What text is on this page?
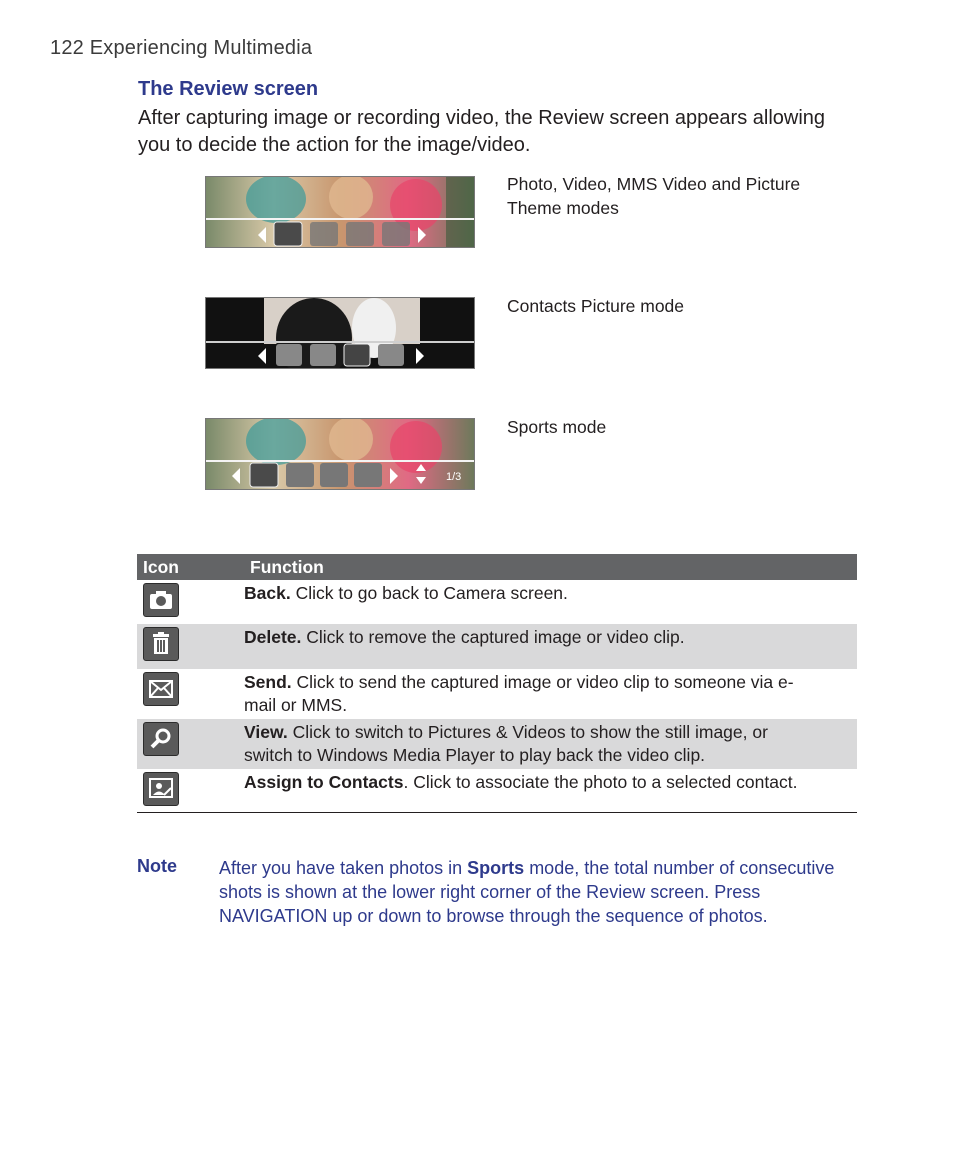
122 Experiencing Multimedia
The Review screen
After capturing image or recording video, the Review screen appears allowing you to decide the action for the image/video.
Photo, Video, MMS Video and Picture Theme modes
Contacts Picture mode
1/3
Sports mode
Icon	Function

	Back. Click to go back to Camera screen.

	Delete. Click to remove the captured image or video clip.

	Send. Click to send the captured image or video clip to someone via e-mail or MMS.

	View. Click to switch to Pictures & Videos to show the still image, or switch to Windows Media Player to play back the video clip.

	Assign to Contacts. Click to associate the photo to a selected contact.
Note After you have taken photos in Sports mode, the total number of consecutive shots is shown at the lower right corner of the Review screen. Press NAVIGATION up or down to browse through the sequence of photos.
